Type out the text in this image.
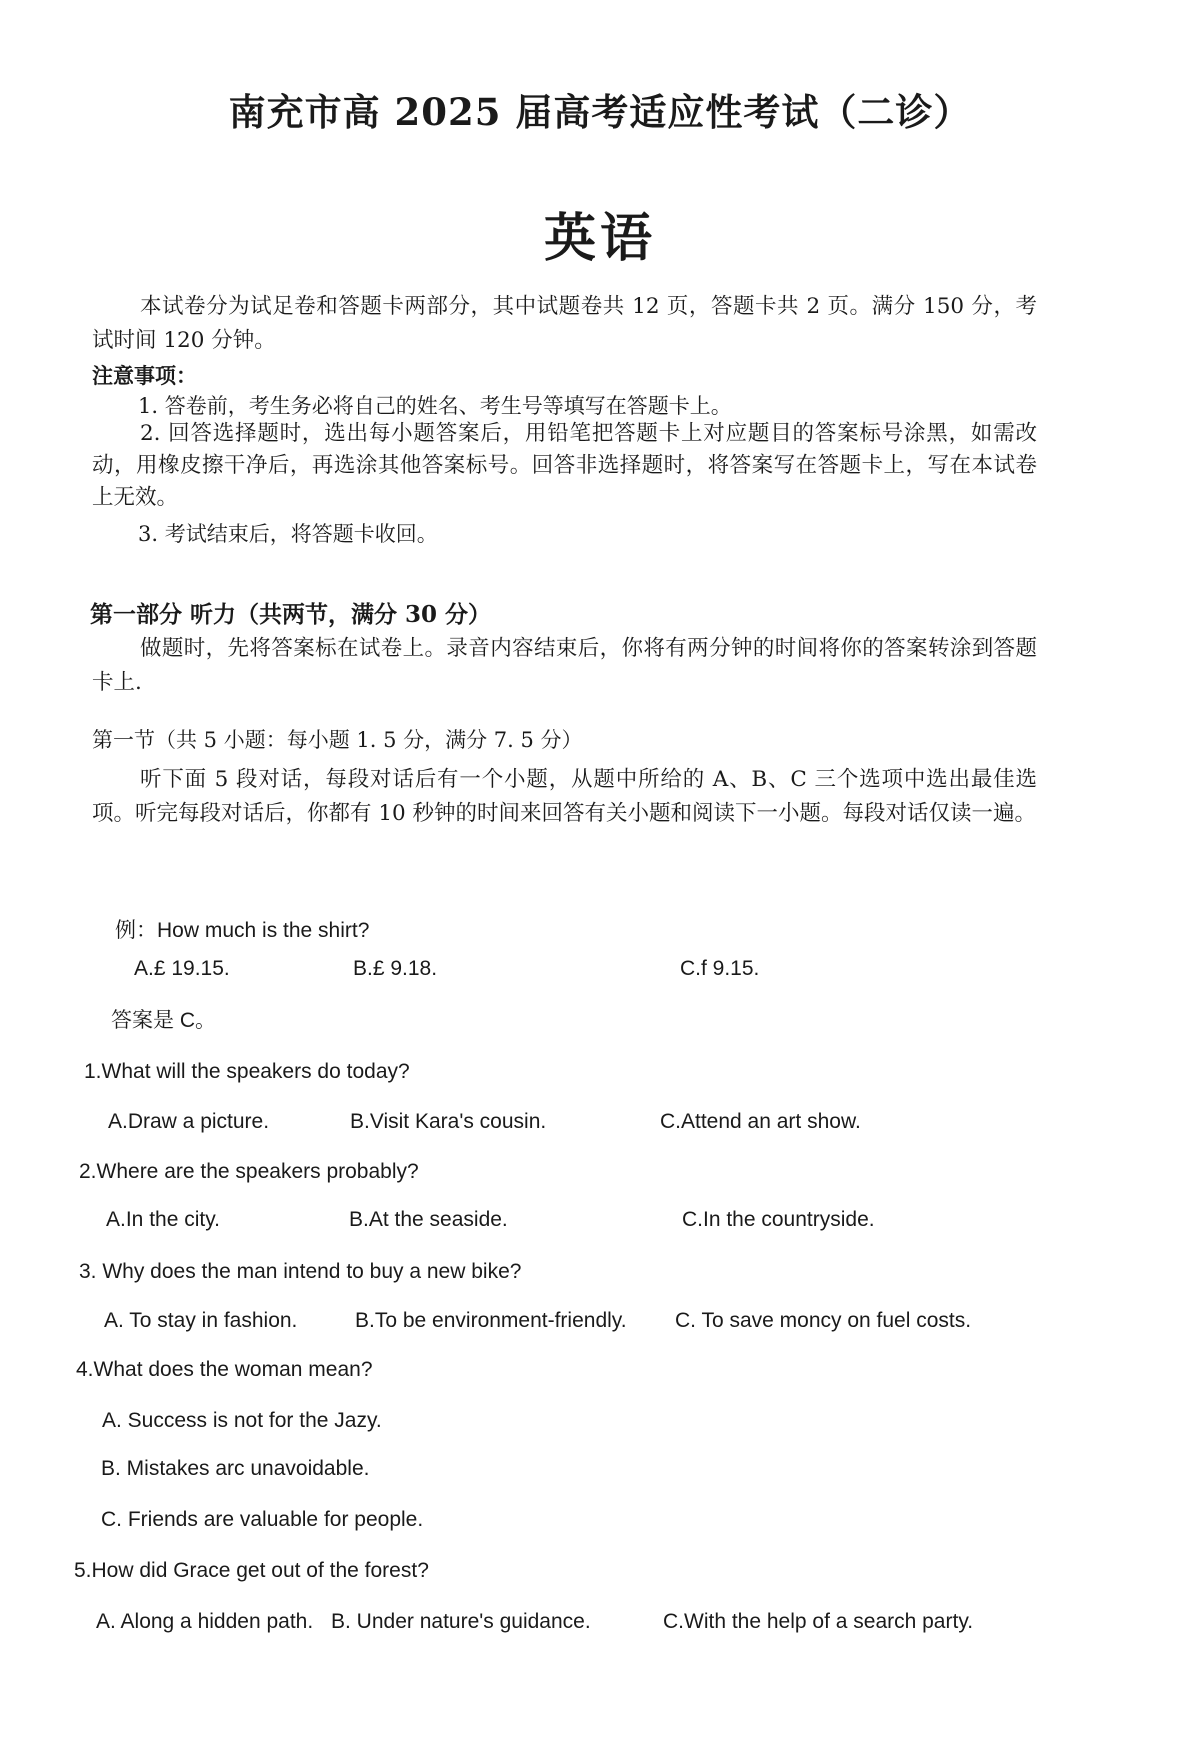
南充市高 2025 届高考适应性考试（二诊）
英语
本试卷分为试足卷和答题卡两部分，其中试题卷共 12 页，答题卡共 2 页。满分 150 分，考试时间 120 分钟。
注意事项：
1. 答卷前，考生务必将自己的姓名、考生号等填写在答题卡上。
2. 回答选择题时，选出每小题答案后，用铅笔把答题卡上对应题目的答案标号涂黑，如需改动，用橡皮擦干净后，再选涂其他答案标号。回答非选择题时，将答案写在答题卡上，写在本试卷上无效。
3. 考试结束后，将答题卡收回。
第一部分 听力（共两节，满分 30 分）
做题时，先将答案标在试卷上。录音内容结束后，你将有两分钟的时间将你的答案转涂到答题卡上.
第一节（共 5 小题：每小题 1. 5 分，满分 7. 5 分）
听下面 5 段对话，每段对话后有一个小题，从题中所给的 A、B、C 三个选项中选出最佳选项。听完每段对话后，你都有 10 秒钟的时间来回答有关小题和阅读下一小题。每段对话仅读一遍。
例：How much is the shirt?
A.£ 19.15.	B.£ 9.18.	C.f 9.15.
答案是 C。
1.What will the speakers do today?
A.Draw a picture.	B.Visit Kara's cousin.	C.Attend an art show.
2.Where are the speakers probably?
A.In the city.	B.At the seaside.	C.In the countryside.
3. Why does the man intend to buy a new bike?
A. To stay in fashion.	B.To be environment-friendly. C. To save moncy on fuel costs.
4.What does the woman mean?
A. Success is not for the Jazy.
B. Mistakes arc unavoidable.
C. Friends are valuable for people.
5.How did Grace get out of the forest?
A. Along a hidden path. B. Under nature's guidance.	C.With the help of a search party.
